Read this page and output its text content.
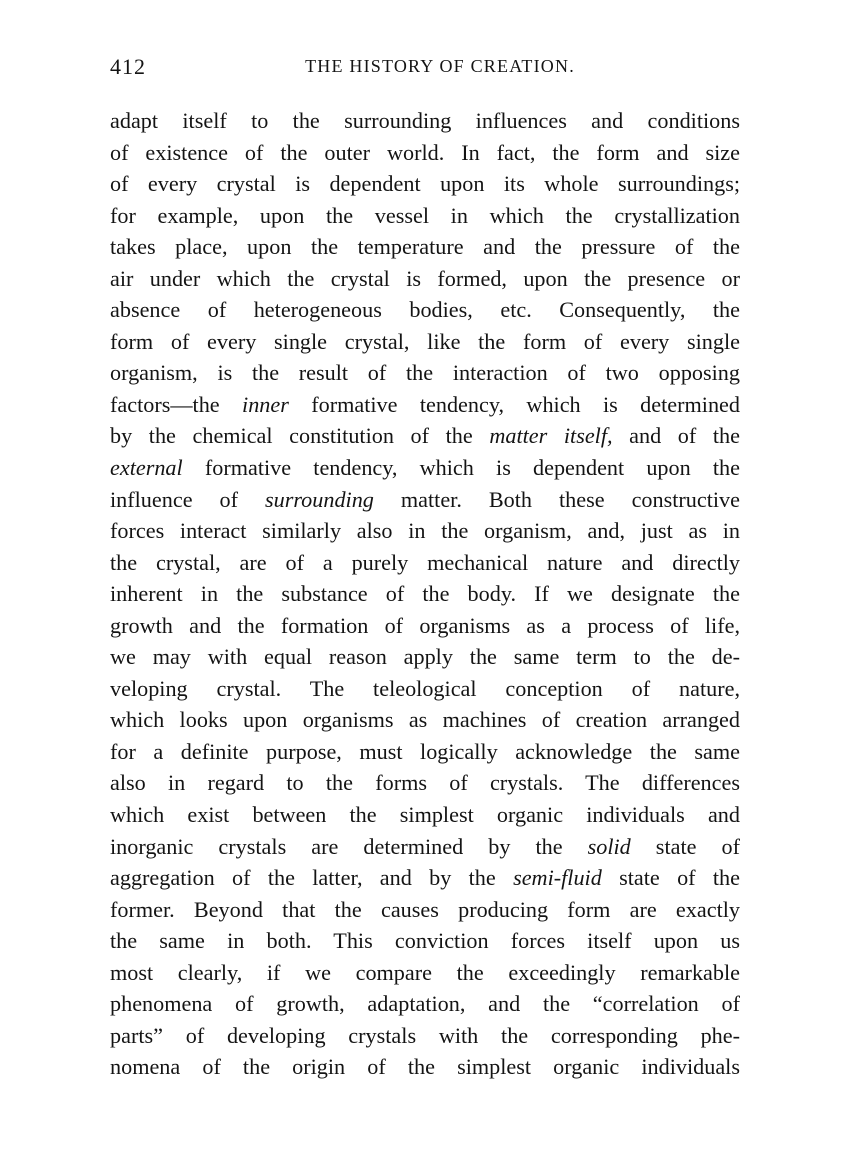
412	THE HISTORY OF CREATION.
adapt itself to the surrounding influences and conditions
of existence of the outer world. In fact, the form and size
of every crystal is dependent upon its whole surroundings;
for example, upon the vessel in which the crystallization
takes place, upon the temperature and the pressure of the
air under which the crystal is formed, upon the presence or
absence of heterogeneous bodies, etc. Consequently, the
form of every single crystal, like the form of every single
organism, is the result of the interaction of two opposing
factors—the inner formative tendency, which is determined
by the chemical constitution of the matter itself, and of the
external formative tendency, which is dependent upon the
influence of surrounding matter. Both these constructive
forces interact similarly also in the organism, and, just as in
the crystal, are of a purely mechanical nature and directly
inherent in the substance of the body. If we designate the
growth and the formation of organisms as a process of life,
we may with equal reason apply the same term to the de-
veloping crystal. The teleological conception of nature,
which looks upon organisms as machines of creation arranged
for a definite purpose, must logically acknowledge the same
also in regard to the forms of crystals. The differences
which exist between the simplest organic individuals and
inorganic crystals are determined by the solid state of
aggregation of the latter, and by the semi-fluid state of the
former. Beyond that the causes producing form are exactly
the same in both. This conviction forces itself upon us
most clearly, if we compare the exceedingly remarkable
phenomena of growth, adaptation, and the “correlation of
parts” of developing crystals with the corresponding phe-
nomena of the origin of the simplest organic individuals
